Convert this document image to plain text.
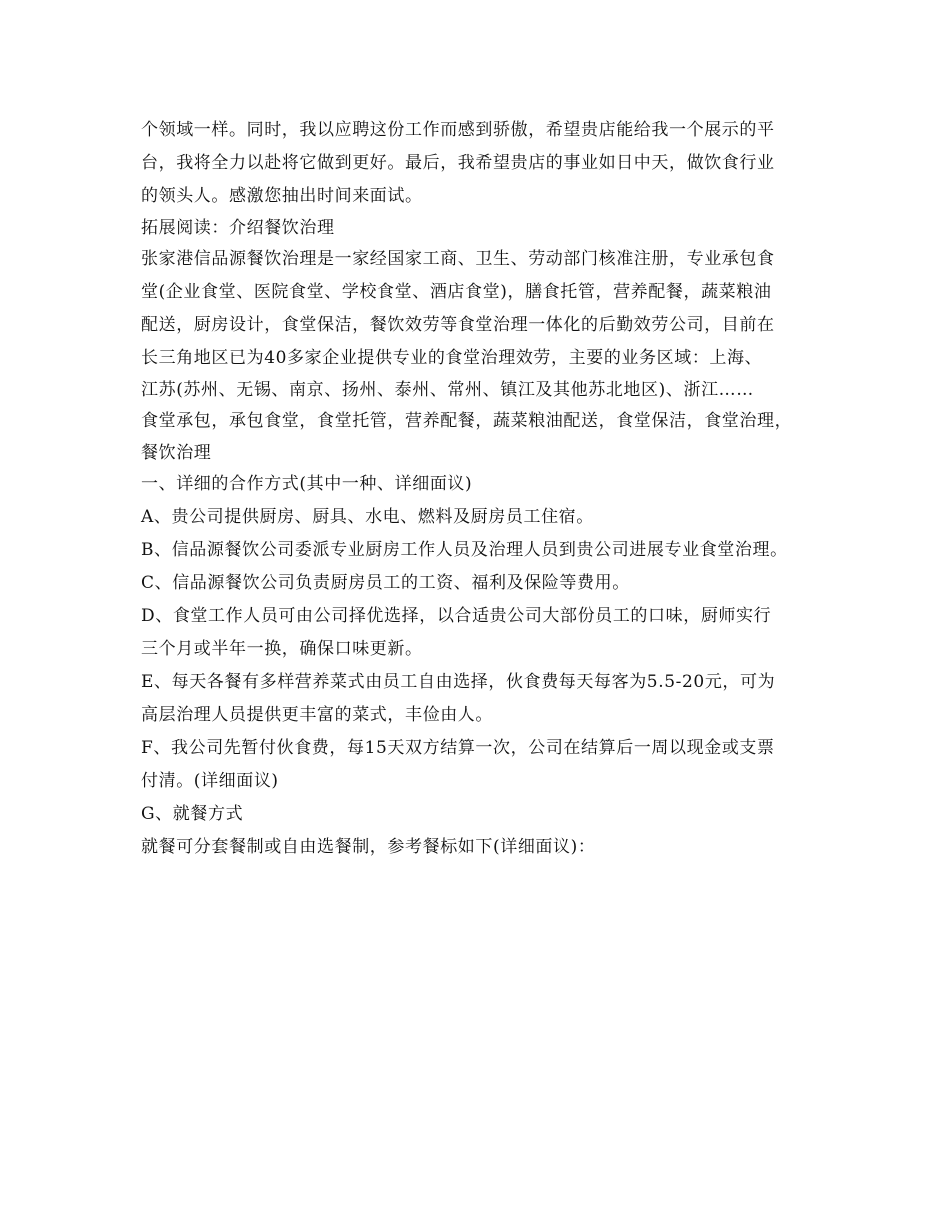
个领域一样。同时，我以应聘这份工作而感到骄傲，希望贵店能给我一个展示的平
台，我将全力以赴将它做到更好。最后，我希望贵店的事业如日中天，做饮食行业
的领头人。感激您抽出时间来面试。
拓展阅读：介绍餐饮治理
张家港信品源餐饮治理是一家经国家工商、卫生、劳动部门核准注册，专业承包食
堂(企业食堂、医院食堂、学校食堂、酒店食堂)，膳食托管，营养配餐，蔬菜粮油
配送，厨房设计，食堂保洁，餐饮效劳等食堂治理一体化的后勤效劳公司，目前在
长三角地区已为40多家企业提供专业的食堂治理效劳，主要的业务区域：上海、
江苏(苏州、无锡、南京、扬州、泰州、常州、镇江及其他苏北地区)、浙江……
食堂承包，承包食堂，食堂托管，营养配餐，蔬菜粮油配送，食堂保洁，食堂治理，
餐饮治理
一、详细的合作方式(其中一种、详细面议)
A、贵公司提供厨房、厨具、水电、燃料及厨房员工住宿。
B、信品源餐饮公司委派专业厨房工作人员及治理人员到贵公司进展专业食堂治理。
C、信品源餐饮公司负责厨房员工的工资、福利及保险等费用。
D、食堂工作人员可由公司择优选择，以合适贵公司大部份员工的口味，厨师实行
三个月或半年一换，确保口味更新。
E、每天各餐有多样营养菜式由员工自由选择，伙食费每天每客为5.5-20元，可为
高层治理人员提供更丰富的菜式，丰俭由人。
F、我公司先暂付伙食费，每15天双方结算一次，公司在结算后一周以现金或支票
付清。(详细面议)
G、就餐方式
就餐可分套餐制或自由选餐制，参考餐标如下(详细面议)：
